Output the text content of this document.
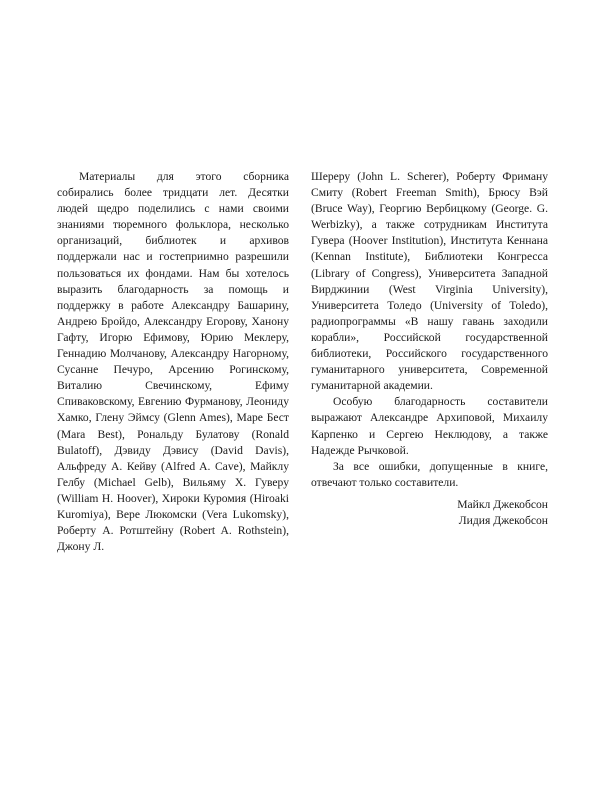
Материалы для этого сборника собирались более тридцати лет. Десятки людей щедро поделились с нами своими знаниями тюремного фольклора, несколько организаций, библиотек и архивов поддержали нас и гостеприимно разрешили пользоваться их фондами. Нам бы хотелось выразить благодарность за помощь и поддержку в работе Александру Башарину, Андрею Бройдо, Александру Егорову, Ханону Гафту, Игорю Ефимову, Юрию Меклеру, Геннадию Молчанову, Александру Нагорному, Сусанне Печуро, Арсению Рогинскому, Виталию Свечинскому, Ефиму Спиваковскому, Евгению Фурманову, Леониду Хамко, Глену Эймсу (Glenn Ames), Маре Бест (Mara Best), Рональду Булатову (Ronald Bulatoff), Дэвиду Дэвису (David Davis), Альфреду А. Кейву (Alfred A. Cave), Майклу Гелбу (Michael Gelb), Вильяму Х. Гуверу (William H. Hoover), Хироки Куромия (Hiroaki Kuromiya), Вере Люкомски (Vera Lukomsky), Роберту А. Ротштейну (Robert A. Rothstein), Джону Л.

Шереру (John L. Scherer), Роберту Фриману Смиту (Robert Freeman Smith), Брюсу Вэй (Bruce Way), Георгию Вербицкому (George. G. Werbizky), а также сотрудникам Института Гувера (Hoover Institution), Института Кеннана (Kennan Institute), Библиотеки Конгресса (Library of Congress), Университета Западной Вирджинии (West Virginia University), Университета Толедо (University of Toledo), радиопрограммы «В нашу гавань заходили корабли», Российской государственной библиотеки, Российского государственного гуманитарного университета, Современной гуманитарной академии.

Особую благодарность составители выражают Александре Архиповой, Михаилу Карпенко и Сергею Неклюдову, а также Надежде Рычковой.

За все ошибки, допущенные в книге, отвечают только составители.

Майкл Джекобсон
Лидия Джекобсон
